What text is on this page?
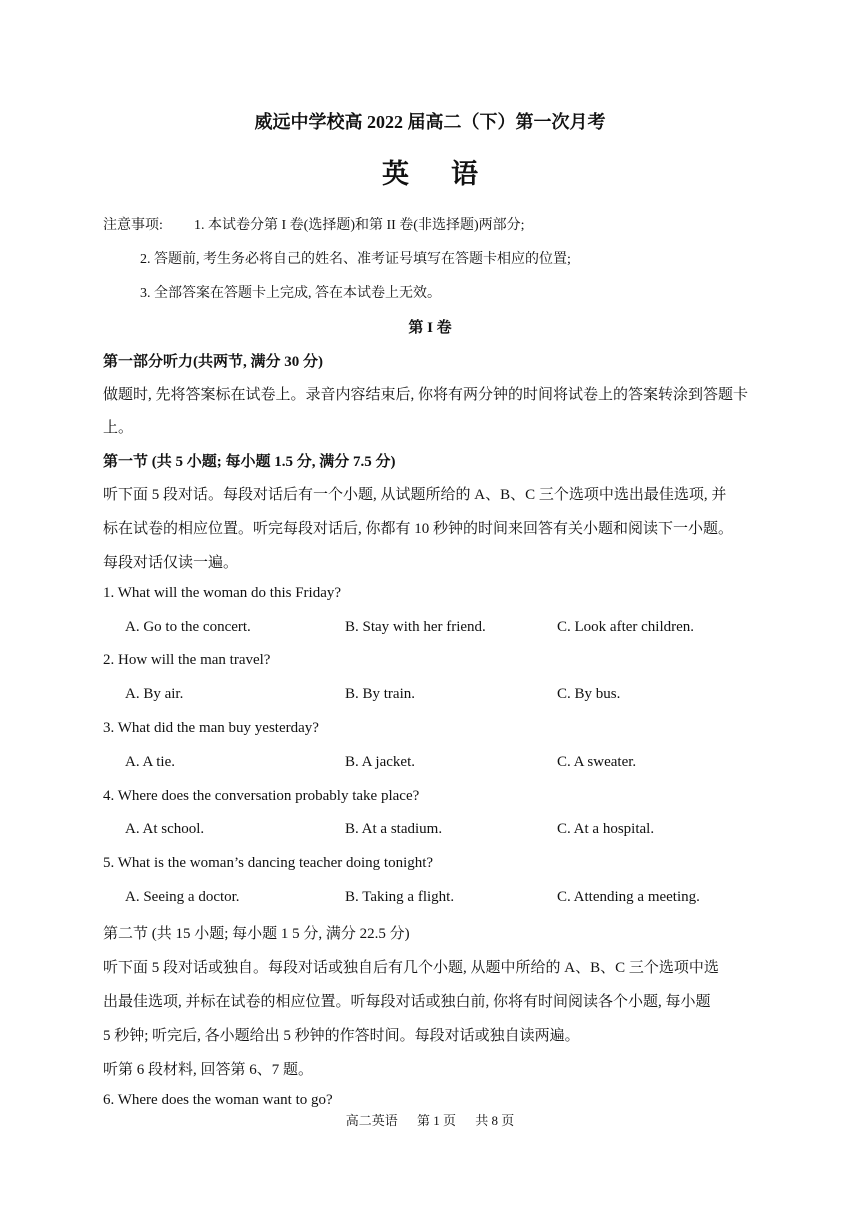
威远中学校高 2022 届高二（下）第一次月考
英语
注意事项: 1. 本试卷分第 I 卷(选择题)和第 II 卷(非选择题)两部分;
2. 答题前, 考生务必将自己的姓名、准考证号填写在答题卡相应的位置;
3. 全部答案在答题卡上完成, 答在本试卷上无效。
第 I 卷
第一部分听力(共两节, 满分 30 分)
做题时, 先将答案标在试卷上。录音内容结束后, 你将有两分钟的时间将试卷上的答案转涂到答题卡
上。
第一节 (共 5 小题; 每小题 1.5 分, 满分 7.5 分)
听下面 5 段对话。每段对话后有一个小题, 从试题所给的 A、B、C 三个选项中选出最佳选项, 并
标在试卷的相应位置。听完每段对话后, 你都有 10 秒钟的时间来回答有关小题和阅读下一小题。
每段对话仅读一遍。
1. What will the woman do this Friday?
A. Go to the concert.	B. Stay with her friend.	C. Look after children.
2. How will the man travel?
A. By air.	B. By train.	C. By bus.
3. What did the man buy yesterday?
A. A tie.	B. A jacket.	C. A sweater.
4. Where does the conversation probably take place?
A. At school.	B. At a stadium.	C. At a hospital.
5. What is the woman’s dancing teacher doing tonight?
A. Seeing a doctor.	B. Taking a flight.	C. Attending a meeting.
第二节 (共 15 小题; 每小题 1 5 分, 满分 22.5 分)
听下面 5 段对话或独自。每段对话或独自后有几个小题, 从题中所给的 A、B、C 三个选项中选
出最佳选项, 并标在试卷的相应位置。听每段对话或独白前, 你将有时间阅读各个小题, 每小题
5 秒钟; 听完后, 各小题给出 5 秒钟的作答时间。每段对话或独自读两遍。
听第 6 段材料, 回答第 6、7 题。
6. Where does the woman want to go?
高二英语 第 1 页 共 8 页
